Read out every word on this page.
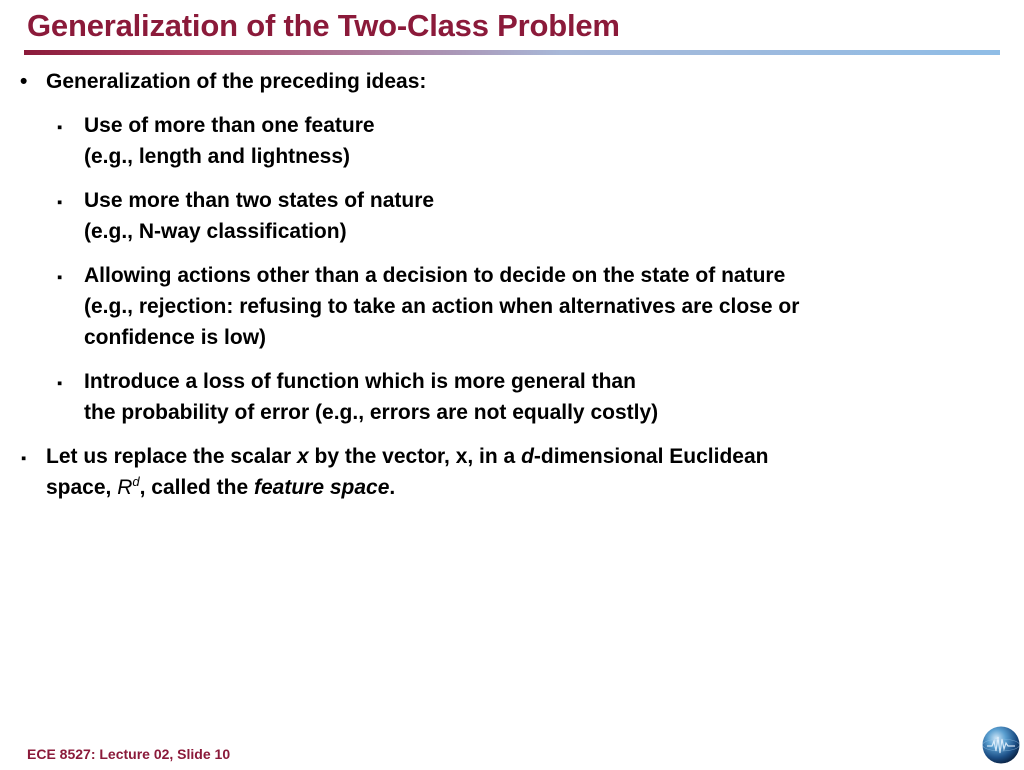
Generalization of the Two-Class Problem
• Generalization of the preceding ideas:
▪ Use of more than one feature
(e.g., length and lightness)
▪ Use more than two states of nature
(e.g., N-way classification)
▪ Allowing actions other than a decision to decide on the state of nature
(e.g., rejection: refusing to take an action when alternatives are close or
confidence is low)
▪ Introduce a loss of function which is more general than
the probability of error (e.g., errors are not equally costly)
▪ Let us replace the scalar x by the vector, x, in a d-dimensional Euclidean
space, $R^d$, called the feature space.
ECE 8527: Lecture 02, Slide 10
